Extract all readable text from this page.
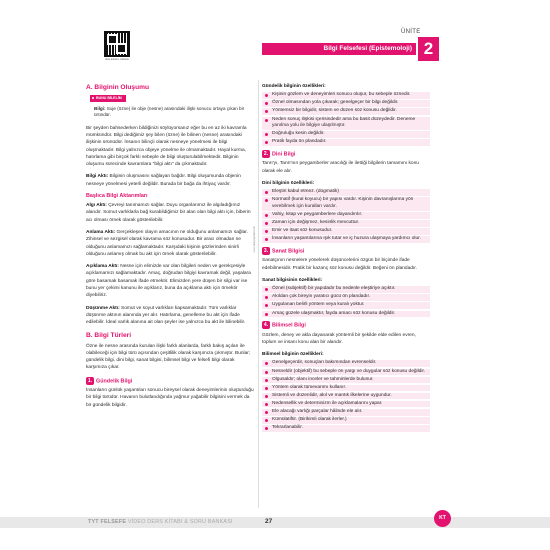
ders anlatım videosu
ÜNİTE
Bilgi Felsefesi (Epistemoloji) 2
www.sinavyayinlari.com
A. Bilginin Oluşumu
BUNU BİLELİM
Bilgi: Suje (özne) ile obje (nesne) arasındaki ilişki sonucu ortaya çıkan bir üründür.

Bir şeyden bahsederken bildiğinizi söylüyorsanız eğer bu en az iki kavramla mümkündür. Bilgi dediğimiz şey bilen (özne) ile bilinen (nesne) arasındaki ilişkinin ürünüdür. İnsanın bilinçli olarak nesneye yönelmesi ile bilgi oluşmaktadır. Bilgi yalnızca objeye yönelme ile olmamaktadır. Hayal kurma, hatırlama gibi birçok farklı sebeple de bilgi oluşturulabilmektedir. Bilginin oluşumu sürecinde kavramlara "bilgi aktı" da çıkmaktadır.

Bilgi Aktı: Bilginin oluşmasını sağlayan bağdır. Bilgi oluşumunda objenin nesneye yönelmesi yeterli değildir. Burada bir bağa da ihtiyaç vardır.

Başlıca Bilgi Aktarımları

Algı Aktı: Çevreyi tanımamızı sağlar. Duyu organlarımız ile algıladığımız alandır. Somut varlıklarla bağ kurabildiğimiz bir alan olan bilgi aktı için, biberin acı olması örnek olarak gösterilebilir.

Anlama Aktı: Gerçekleşen olayın amacının ne olduğunu anlamamızı sağlar. Zihinsel ve sezgisel olarak kavrama söz konusudur. Bir aracı olmadan ne olduğunu anlamamızı sağlamaktadır. Karşıdaki kişinin gözlerinden sinirli olduğunu anlamış olmak bu akt için örnek olarak gösterilebilir.

Açıklama Aktı: Nesne için elimizde var olan bilgileri neden ve gerekçesiyle açıklamamızı sağlamaktadır. Amaç, doğrudan bilgiyi kavramak değil, yaşalara göre basamak basamak ifade etmektir. Elimizden yere düşen bir silgi var ise bunu yer çekimi kanunu ile açıklarız, buna da açıklama aktı için örnektir diyebiliriz.

Düşünme Aktı: Somut ve soyut varlıkları kapsamaktadır. Tüm varlıklar düşünme aktının alanında yer alır. Hatırlama, genelleme bu akt için ifade edilebilir. İdeal varlık alanına ait olan şeyler ise yalnızca bu akt ile bilinebilir.

B. Bilgi Türleri

Özne ile nesne arasında kurulan ilişki farklı alanlarda, farklı bakış açıları ile olabileceği için bilgi türü açısından çeşitlilik olarak karşımıza çıkmıştır. Bunlar; gündelik bilgi, dini bilgi, sanat bilgisi, bilimsel bilgi ve felsefi bilgi olarak karşımıza çıkar.

1. Gündelik Bilgi

İnsanların günlük yaşantıları sonucu bireysel olarak deneyimlerinin oluşturduğu bir bilgi türüdür. Havanın bulutlandığında yağmur yağabilir bilgisini vermek da bir gündelik bilgidir.

Gündelik bilginin özellikleri:
Kişinin gözlem ve deneyimleri sonucu oluşur, bu sebeple öznedir.
Öznel olmasından yola çıkarak; genelgeçer bir bilgi değildir.
Yöntemsiz bir bilgidir, sistem ve düzen söz konusu değildir.
Neden sonuç ilişkisi içerisindedir ama bu basit düzeydedir. Deneme yanılma yolu ile bilgiye ulaşılmıştır.
Doğruluğu kesin değildir.
Pratik fayda ön plandadır.
2. Dini Bilgi

Tanrı'yı, Tanrı'nın peygamberler aracılığı ile ilettiği bilgilerin tamamını konu olarak ele alır.

Dini bilginin özellikleri:
Eleştiri kabul etmez. (dogmatik)
Normatif (kural koyucu) bir yapısı vardır. Kişinin davranışlarına yön verebilmek için kuralları vardır.
Vahiy, kitap ve peygamberlere dayandırılır.
Zaman için değişmez, kesinlik mevcuttur.
Emir ve itaat söz konusudur.
İnsanların yaşantılarına ışık tutar ve iç huzura ulaşmaya yardımcı olur.
3. Sanat Bilgisi

Sanatçının nesnelere yönelerek düşüncelerini özgün bir biçimde ifade edebilmesidir. Pratik bir kazanç söz konusu değildir. Beğeni ön plandadır.

Sanat bilgisinin özellikleri:
Öznel (subjektif) bir yapıdadır bu nedenle eleştiriye açıktır.
Akıldan çok bireyin yaratıcı gücü ön plandadır.
Uygulanan belirli yöntem veya kuralı yoktur.
Amaç güzele ulaşmaktır, fayda amacı söz konusu değildir.
4. Bilimsel Bilgi

Gözlem, deney ve akla dayanarak yöntemli bir şekilde elde edilen evren, toplum ve insanı konu alan bir alandır.

Bilimsel bilginin özellikleri:
Genelgeçerdir, sonuçları bakımından evrenseldir.
Nesneldir (objektif) bu sebeple ön yargı ve duygular söz konusu değildir.
Olgusaldır; olanı inceler ve tahminlerde bulunur.
Yöntem olarak tümevarımı kullanır.
Sistemli ve düzenlidir, akıl ve mantık ilkelerine uygundur.
Nedensellik ve determinizm ile açıklamalarını yapar.
Ele alacağı varlığı parçalar hâlinde ele alır.
Kümülatiftir. (Birikimli olarak ilerler.)
Tekrarlanabilir.
TYT FELSEFE VİDEO DERS KİTABI & SORU BANKASI	27	KT
